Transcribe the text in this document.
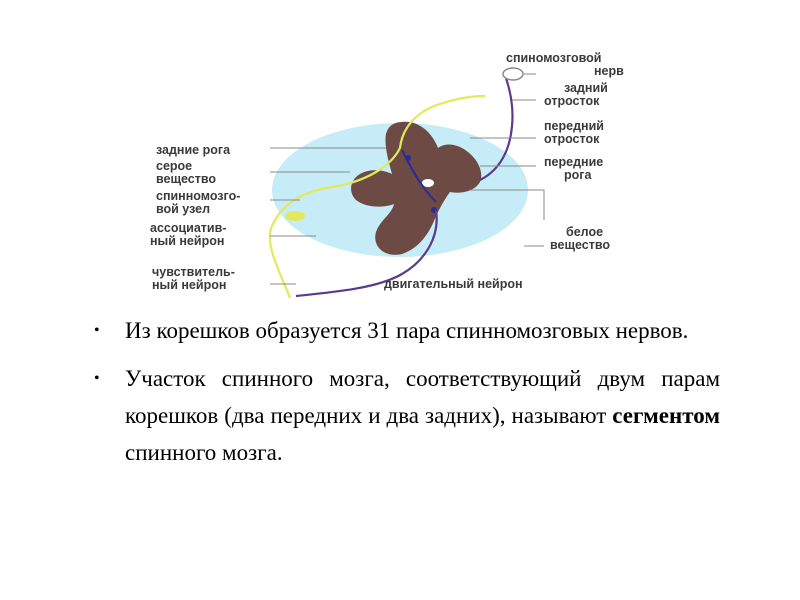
спиномозговой
нерв
задний
отросток
передний
отросток
передние
рога
белое
вещество
задние рога
серое
вещество
спинномозго-
вой узел
ассоциатив-
ный нейрон
чувствитель-
ный нейрон	двигательный нейрон
• Из корешков образуется 31 пара спинномозговых нервов.
• Участок спинного мозга, соответствующий двум парам корешков (два передних и два задних), называют сегментом спинного мозга.
